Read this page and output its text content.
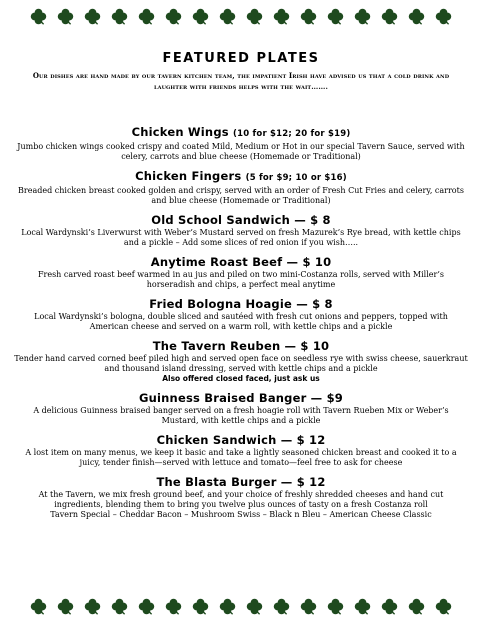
FEATURED PLATES
Our dishes are hand made by our tavern kitchen team, the impatient Irish have advised us that a cold drink and laughter with friends helps with the wait…….
Chicken Wings (10 for $12; 20 for $19)
Jumbo chicken wings cooked crispy and coated Mild, Medium or Hot in our special Tavern Sauce, served with celery, carrots and blue cheese (Homemade or Traditional)
Chicken Fingers (5 for $9; 10 or $16)
Breaded chicken breast cooked golden and crispy, served with an order of Fresh Cut Fries and celery, carrots and blue cheese (Homemade or Traditional)
Old School Sandwich — $ 8
Local Wardynski’s Liverwurst with Weber’s Mustard served on fresh Mazurek’s Rye bread, with kettle chips and a pickle – Add some slices of red onion if you wish…..
Anytime Roast Beef — $ 10
Fresh carved roast beef warmed in au jus and piled on two mini-Costanza rolls, served with Miller’s horseradish and chips, a perfect meal anytime
Fried Bologna Hoagie — $ 8
Local Wardynski’s bologna, double sliced and sautéed with fresh cut onions and peppers, topped with American cheese and served on a warm roll, with kettle chips and a pickle
The Tavern Reuben — $ 10
Tender hand carved corned beef piled high and served open face on seedless rye with swiss cheese, sauerkraut and thousand island dressing, served with kettle chips and a pickle
Also offered closed faced, just ask us
Guinness Braised Banger — $9
A delicious Guinness braised banger served on a fresh hoagie roll with Tavern Rueben Mix or Weber’s Mustard, with kettle chips and a pickle
Chicken Sandwich — $ 12
A lost item on many menus, we keep it basic and take a lightly seasoned chicken breast and cooked it to a juicy, tender finish—served with lettuce and tomato—feel free to ask for cheese
The Blasta Burger — $ 12
At the Tavern, we mix fresh ground beef, and your choice of freshly shredded cheeses and hand cut ingredients, blending them to bring you twelve plus ounces of tasty on a fresh Costanza roll
Tavern Special – Cheddar Bacon – Mushroom Swiss – Black n Bleu – American Cheese Classic
